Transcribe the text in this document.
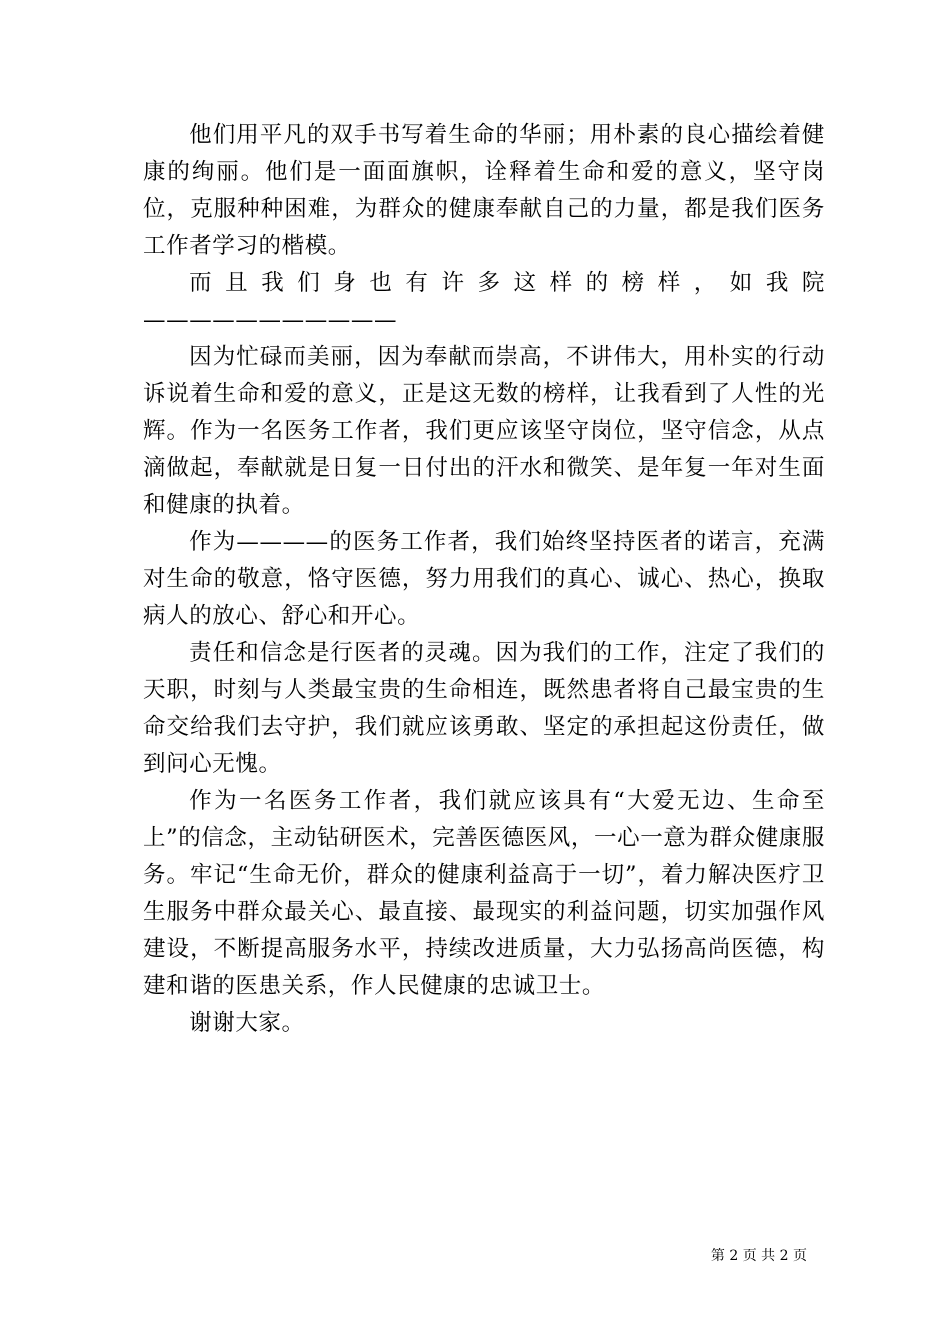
他们用平凡的双手书写着生命的华丽；用朴素的良心描绘着健康的绚丽。他们是一面面旗帜，诠释着生命和爱的意义，坚守岗位，克服种种困难，为群众的健康奉献自己的力量，都是我们医务工作者学习的楷模。

而且我们身也有许多这样的榜样，如我院———————————

因为忙碌而美丽，因为奉献而崇高，不讲伟大，用朴实的行动诉说着生命和爱的意义，正是这无数的榜样，让我看到了人性的光辉。作为一名医务工作者，我们更应该坚守岗位，坚守信念，从点滴做起，奉献就是日复一日付出的汗水和微笑、是年复一年对生面和健康的执着。

作为————的医务工作者，我们始终坚持医者的诺言，充满对生命的敬意，恪守医德，努力用我们的真心、诚心、热心，换取病人的放心、舒心和开心。

责任和信念是行医者的灵魂。因为我们的工作，注定了我们的天职，时刻与人类最宝贵的生命相连，既然患者将自己最宝贵的生命交给我们去守护，我们就应该勇敢、坚定的承担起这份责任，做到问心无愧。

作为一名医务工作者，我们就应该具有“大爱无边、生命至上”的信念，主动钻研医术，完善医德医风，一心一意为群众健康服务。牢记“生命无价，群众的健康利益高于一切”，着力解决医疗卫生服务中群众最关心、最直接、最现实的利益问题，切实加强作风建设，不断提高服务水平，持续改进质量，大力弘扬高尚医德，构建和谐的医患关系，作人民健康的忠诚卫士。

谢谢大家。

第 2 页 共 2 页
